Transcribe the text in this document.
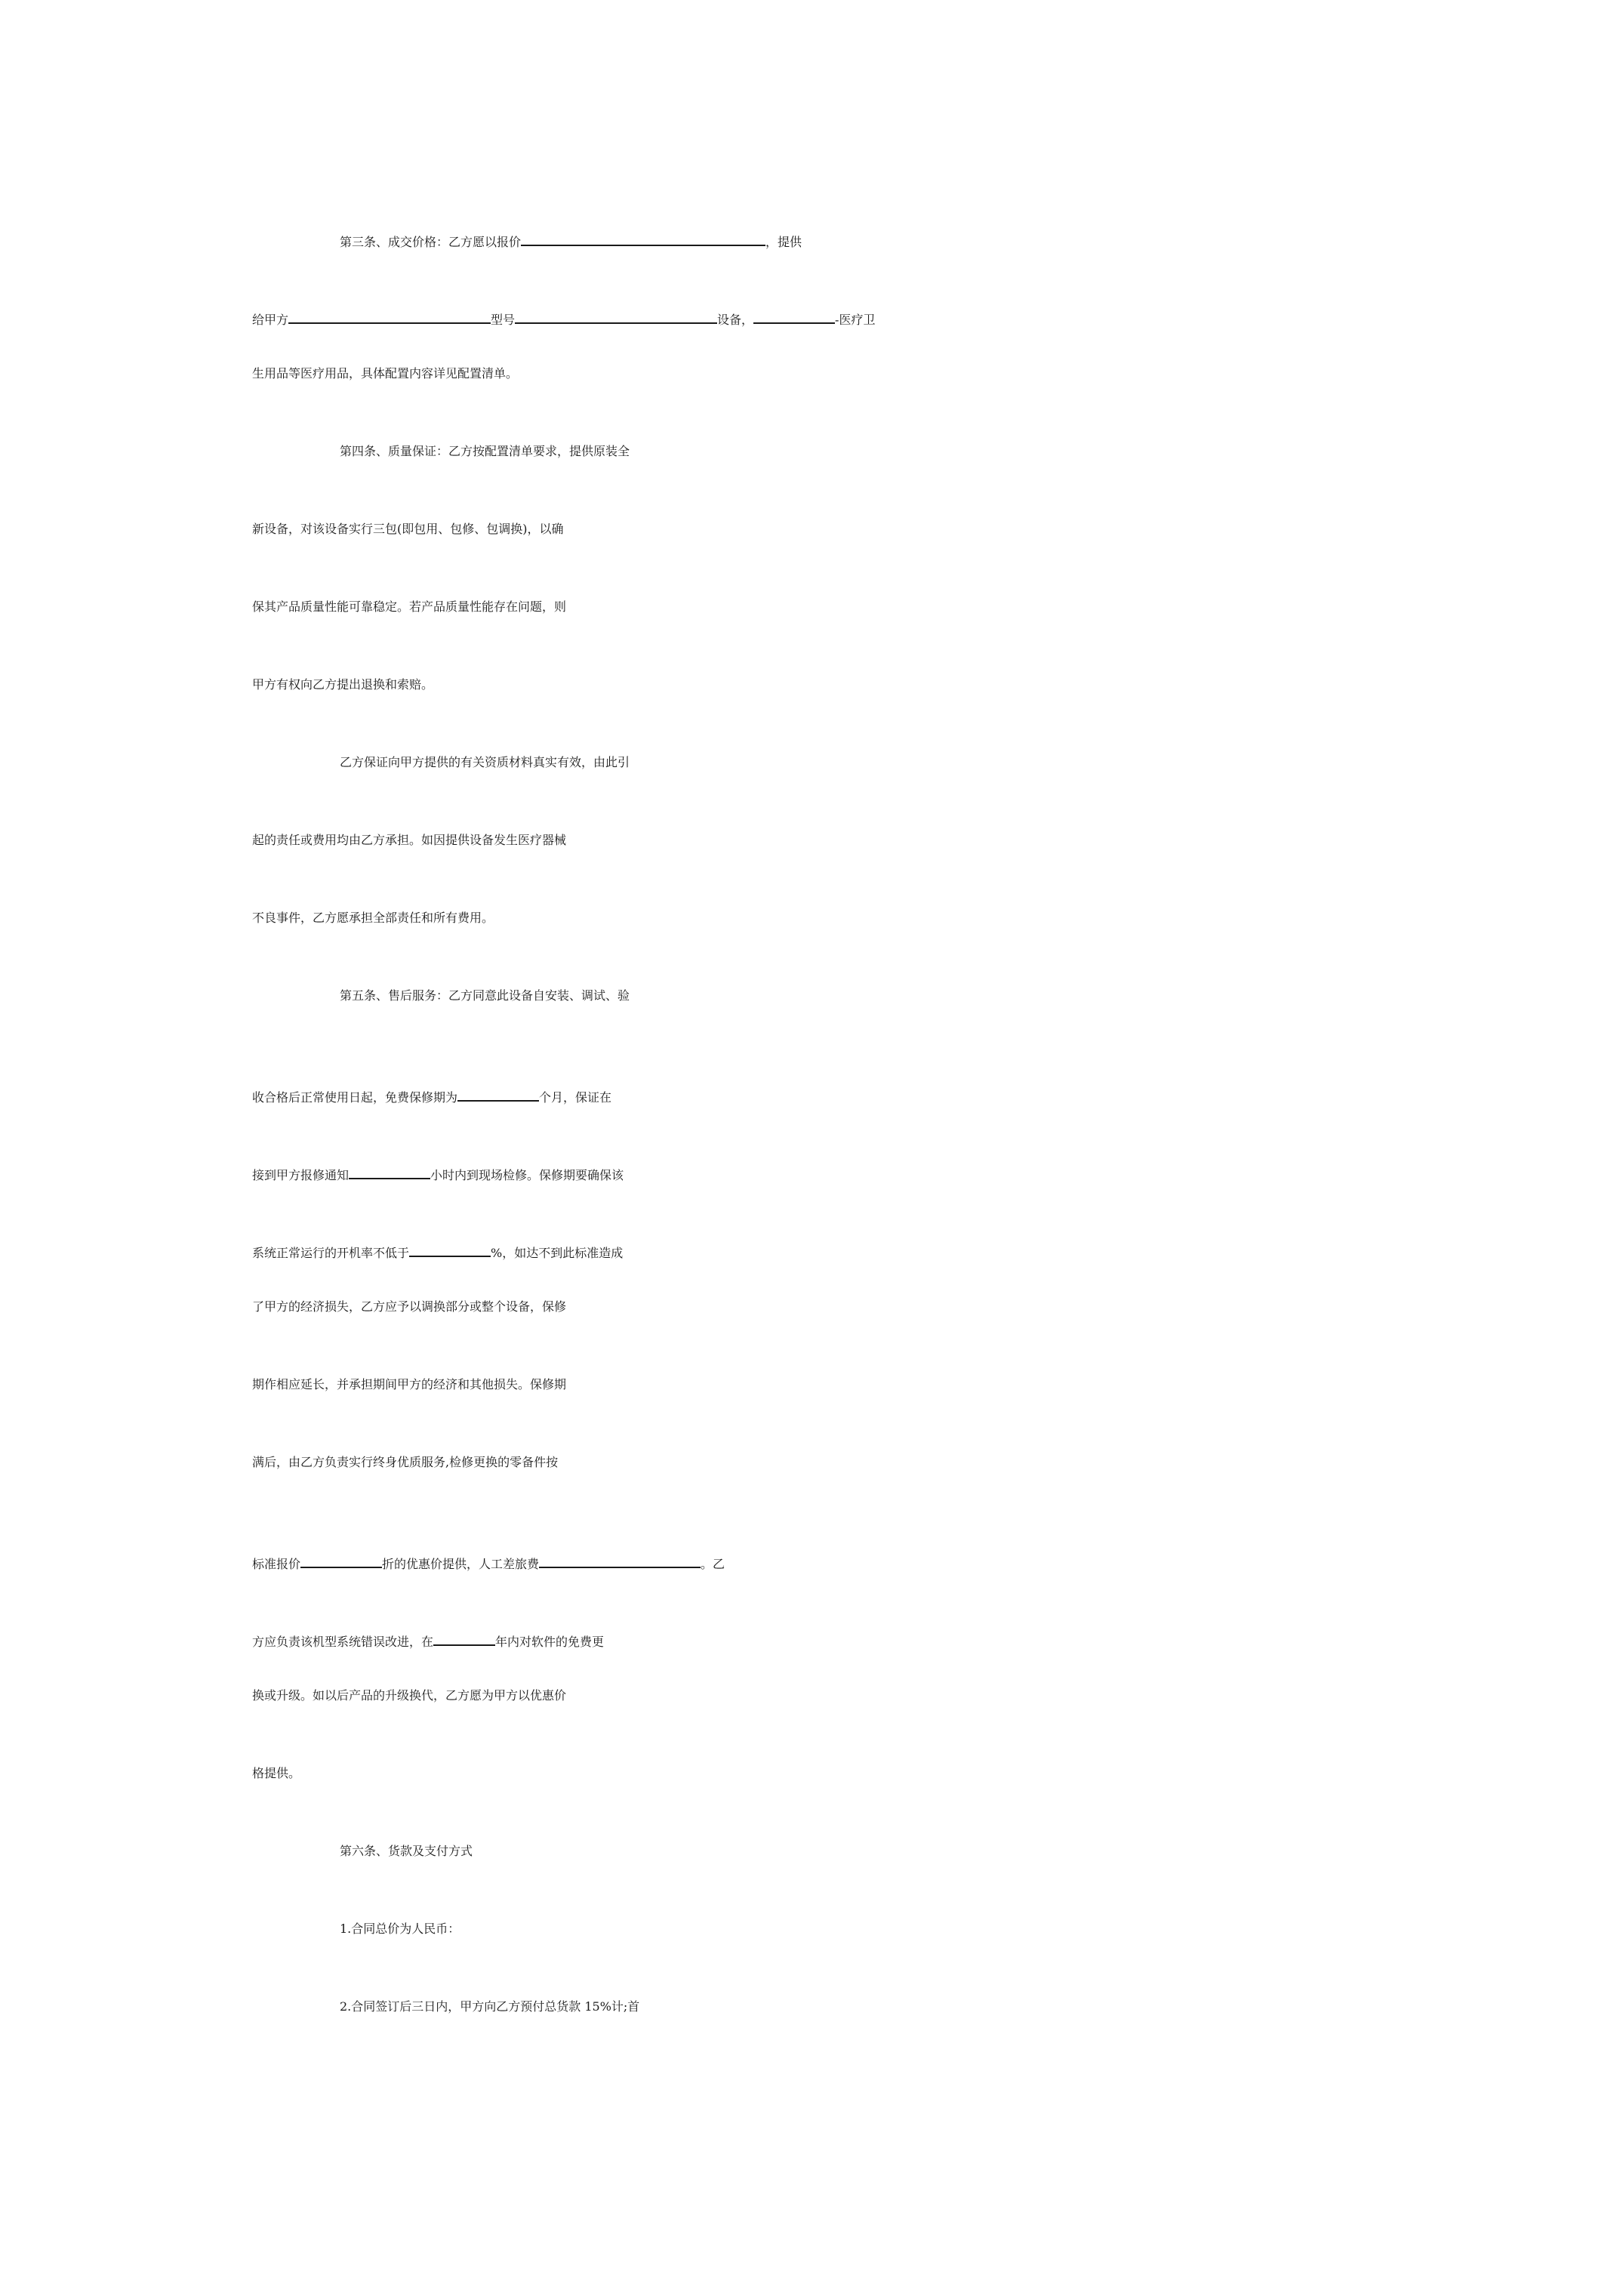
第三条、成交价格：乙方愿以报价	，提供
给甲方	型号	设备，	-医疗卫
生用品等医疗用品，具体配置内容详见配置清单。
第四条、质量保证：乙方按配置清单要求，提供原装全
新设备，对该设备实行三包(即包用、包修、包调换)，以确
保其产品质量性能可靠稳定。若产品质量性能存在问题，则
甲方有权向乙方提出退换和索赔。
乙方保证向甲方提供的有关资质材料真实有效，由此引
起的责任或费用均由乙方承担。如因提供设备发生医疗器械
不良事件，乙方愿承担全部责任和所有费用。
第五条、售后服务：乙方同意此设备自安装、调试、验
收合格后正常使用日起，免费保修期为	个月，保证在
接到甲方报修通知	小时内到现场检修。保修期要确保该
系统正常运行的开机率不低于	%，如达不到此标准造成
了甲方的经济损失，乙方应予以调换部分或整个设备，保修
期作相应延长，并承担期间甲方的经济和其他损失。保修期
满后，由乙方负责实行终身优质服务,检修更换的零备件按
标准报价	折的优惠价提供，人工差旅费	。乙
方应负责该机型系统错误改进，在	年内对软件的免费更
换或升级。如以后产品的升级换代，乙方愿为甲方以优惠价
格提供。
第六条、货款及支付方式
1.合同总价为人民币：
2.合同签订后三日内，甲方向乙方预付总货款 15%计;首
